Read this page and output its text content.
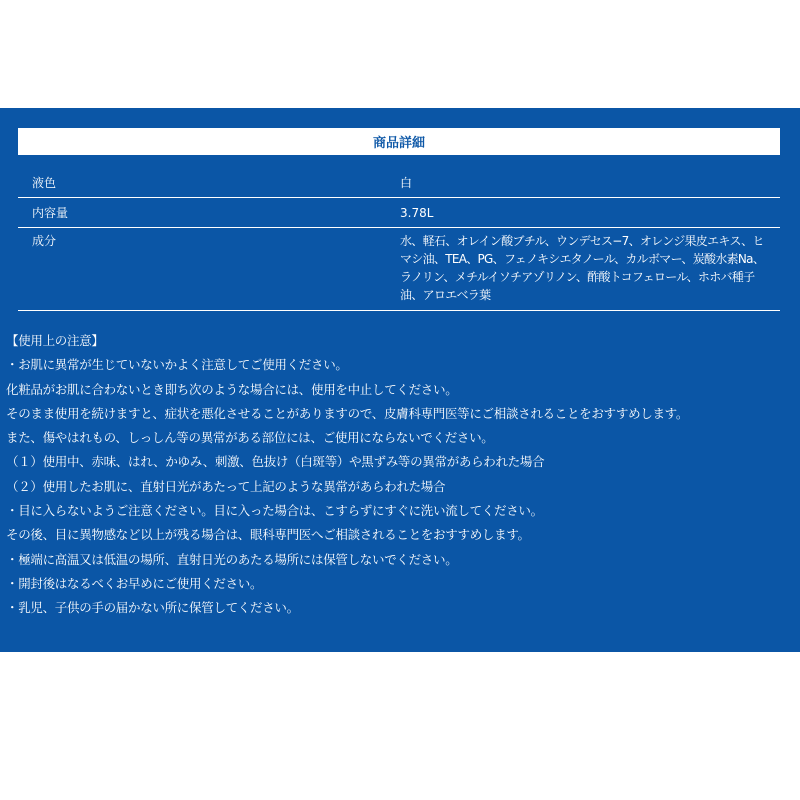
商品詳細
液色	白
内容量	3.78L
成分	水、軽石、オレイン酸ブチル、ウンデセス−7、オレンジ果皮エキス、ヒマシ油、TEA、PG、フェノキシエタノール、カルボマー、炭酸水素Na、ラノリン、メチルイソチアゾリノン、酢酸トコフェロール、ホホバ種子油、アロエベラ葉
【使用上の注意】
・お肌に異常が生じていないかよく注意してご使用ください。
化粧品がお肌に合わないとき即ち次のような場合には、使用を中止してください。
そのまま使用を続けますと、症状を悪化させることがありますので、皮膚科専門医等にご相談されることをおすすめします。
また、傷やはれもの、しっしん等の異常がある部位には、ご使用にならないでください。
（１）使用中、赤味、はれ、かゆみ、刺激、色抜け（白斑等）や黒ずみ等の異常があらわれた場合
（２）使用したお肌に、直射日光があたって上記のような異常があらわれた場合
・目に入らないようご注意ください。目に入った場合は、こすらずにすぐに洗い流してください。
その後、目に異物感など以上が残る場合は、眼科専門医へご相談されることをおすすめします。
・極端に高温又は低温の場所、直射日光のあたる場所には保管しないでください。
・開封後はなるべくお早めにご使用ください。
・乳児、子供の手の届かない所に保管してください。
